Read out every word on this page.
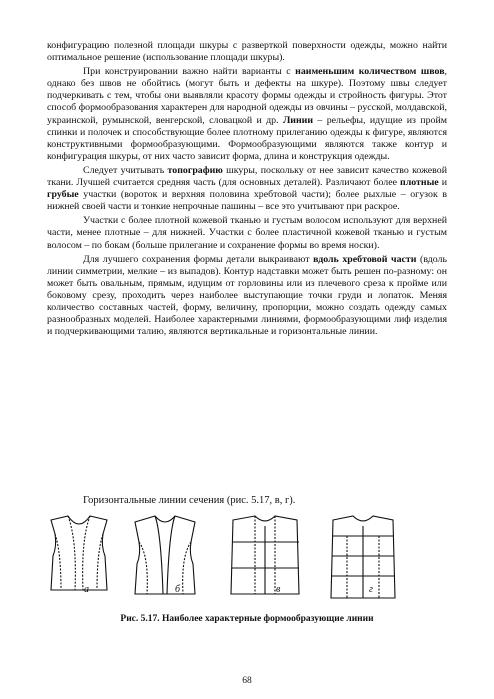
конфигурацию полезной площади шкуры с разверткой поверхности одежды, можно найти оптимальное решение (использование площади шкуры).

При конструировании важно найти варианты с наименьшим количеством швов, однако без швов не обойтись (могут быть и дефекты на шкуре). Поэтому швы следует подчеркивать с тем, чтобы они выявляли красоту формы одежды и стройность фигуры. Этот способ формообразования характерен для народной одежды из овчины – русской, молдавской, украинской, румынской, венгерской, словацкой и др. Линии – рельефы, идущие из пройм спинки и полочек и способствующие более плотному прилеганию одежды к фигуре, являются конструктивными формообразующими. Формообразующими являются также контур и конфигурация шкуры, от них часто зависит форма, длина и конструкция одежды.

Следует учитывать топографию шкуры, поскольку от нее зависит качество кожевой ткани. Лучшей считается средняя часть (для основных деталей). Различают более плотные и грубые участки (вороток и верхняя половина хребтовой части); более рыхлые – огузок в нижней своей части и тонкие непрочные пашины – все это учитывают при раскрое.

Участки с более плотной кожевой тканью и густым волосом используют для верхней части, менее плотные – для нижней. Участки с более пластичной кожевой тканью и густым волосом – по бокам (больше прилегание и сохранение формы во время носки).

Для лучшего сохранения формы детали выкраивают вдоль хребтовой части (вдоль линии симметрии, мелкие – из выпадов). Контур надставки может быть решен по-разному: он может быть овальным, прямым, идущим от горловины или из плечевого среза к пройме или боковому срезу, проходить через наиболее выступающие точки груди и лопаток. Меняя количество составных частей, форму, величину, пропорции, можно создать одежду самых разнообразных моделей. Наиболее характерными линиями, формообразующими лиф изделия и подчеркивающими талию, являются вертикальные и горизонтальные линии.

Горизонтальные линии сечения (рис. 5.17, в, г).
а	б	в	г
Рис. 5.17. Наиболее характерные формообразующие линии
68
